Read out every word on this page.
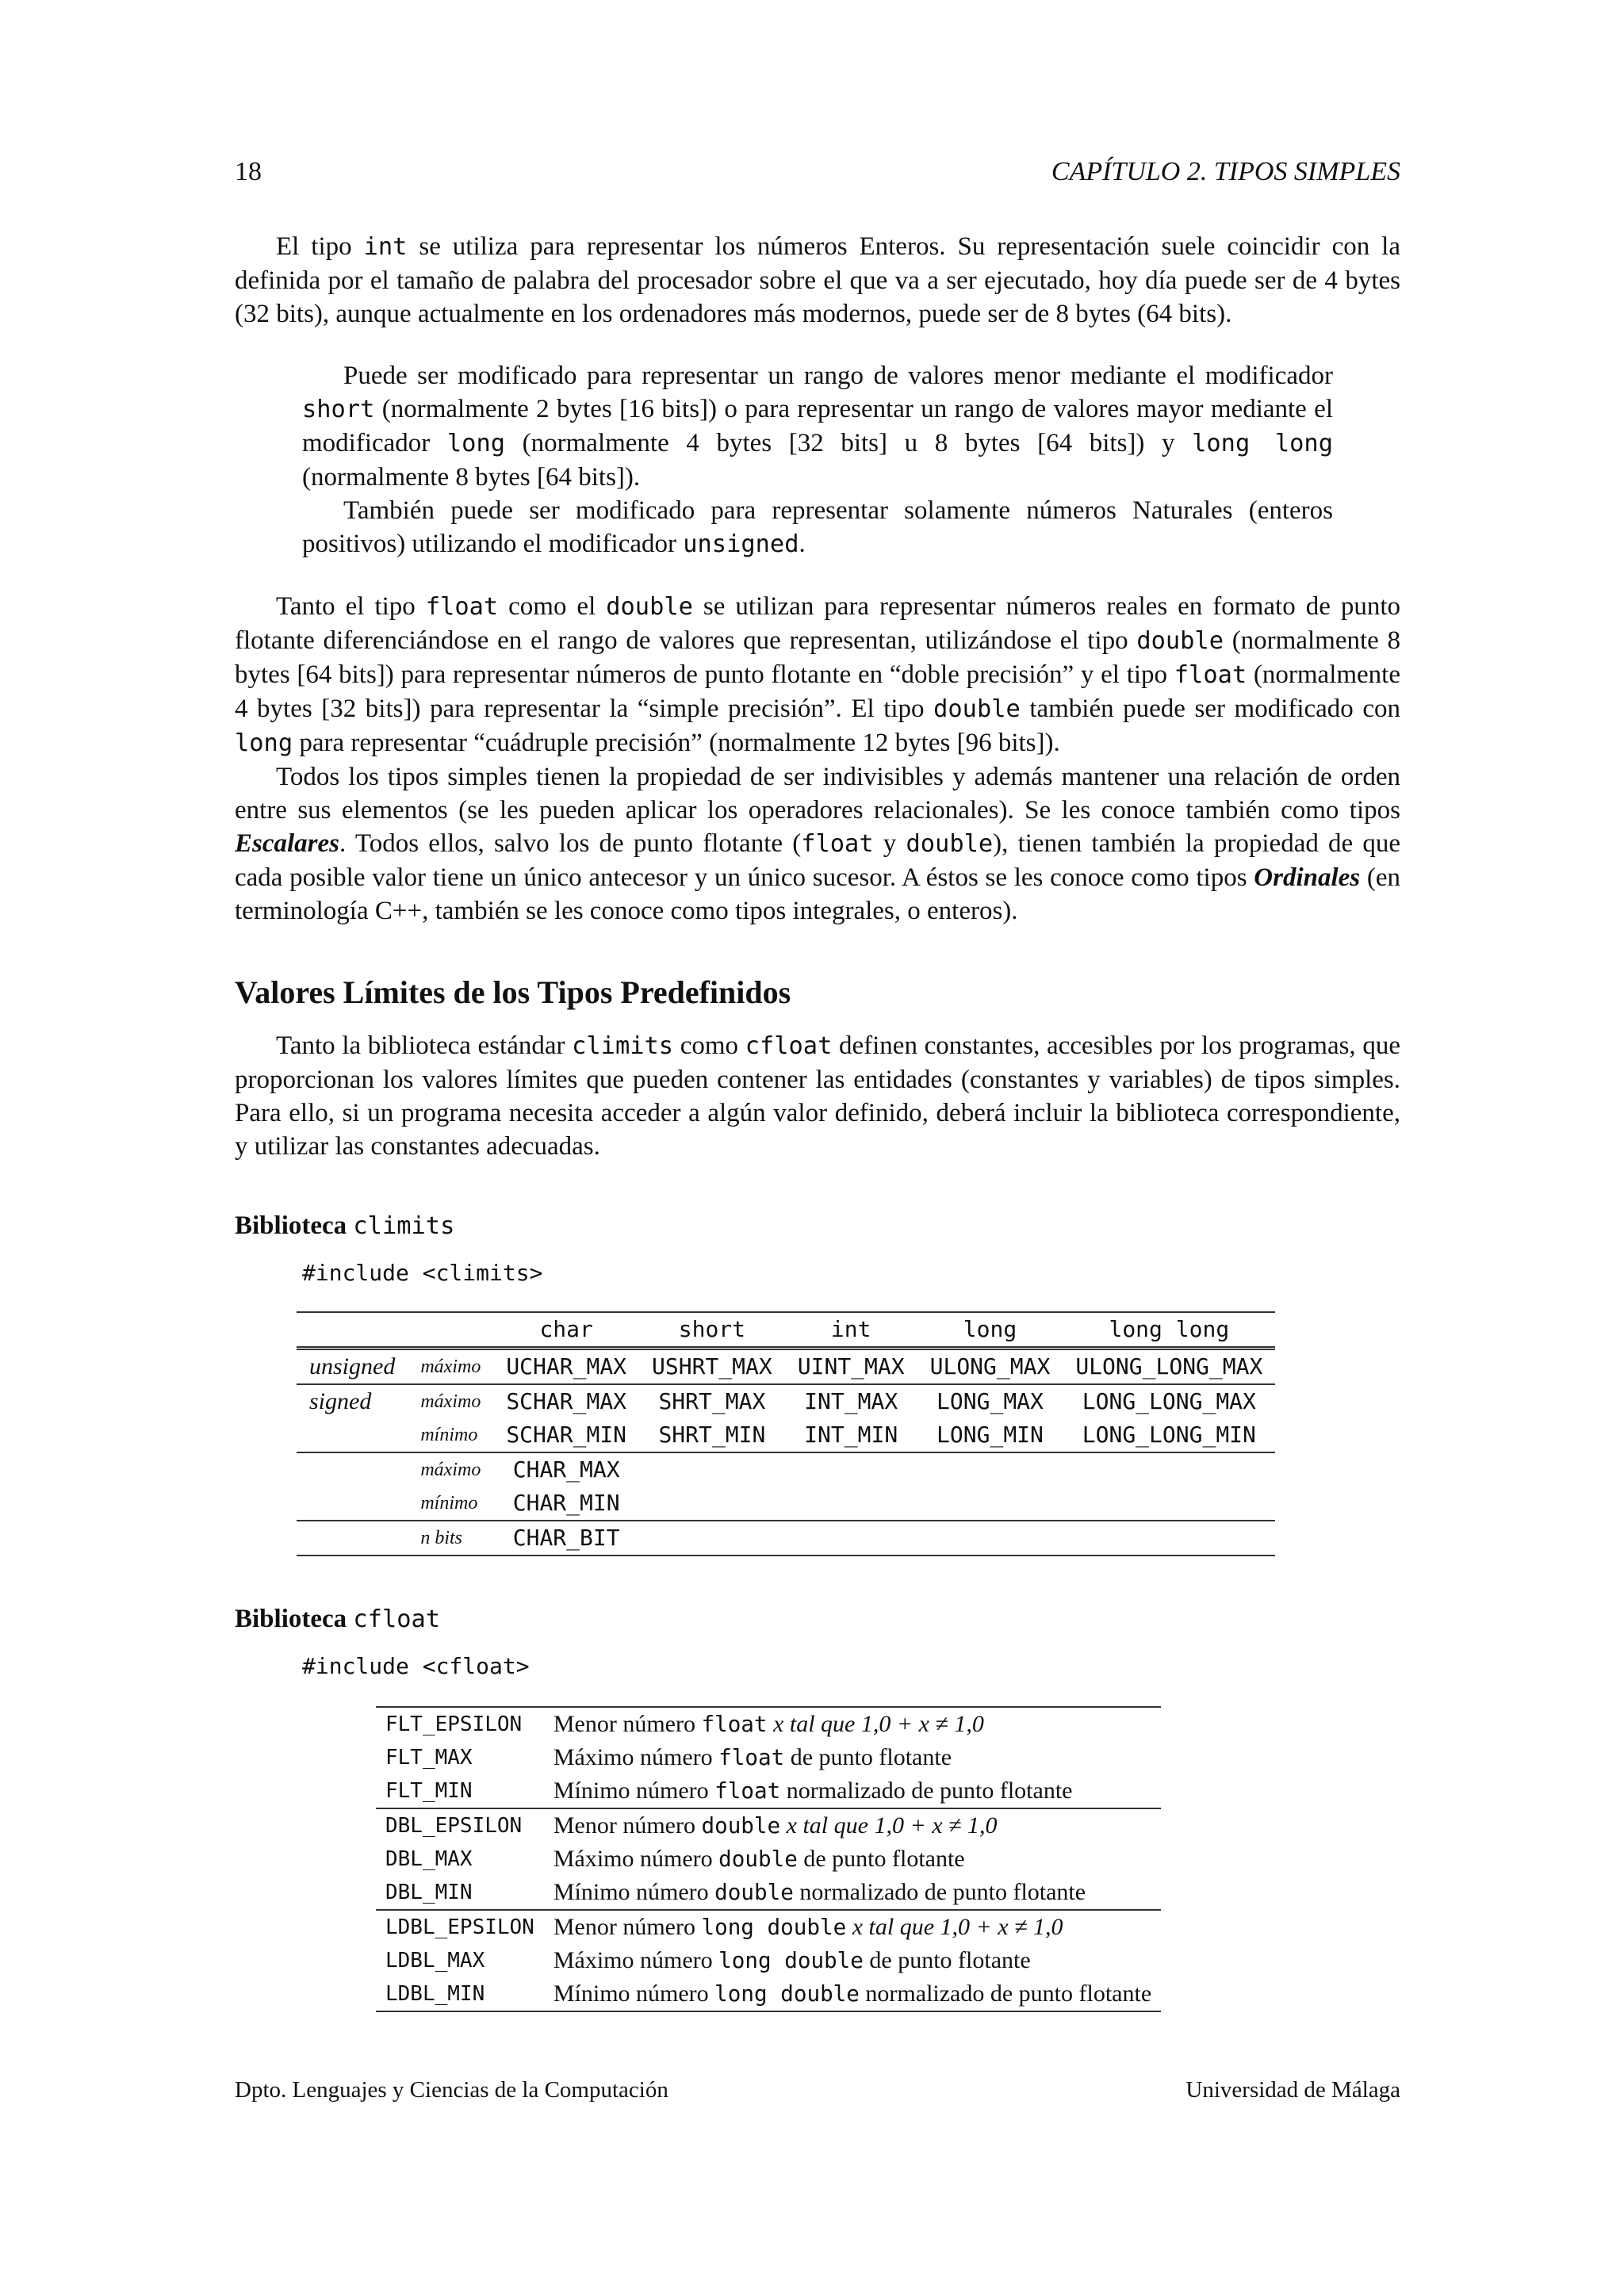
18	CAPÍTULO 2. TIPOS SIMPLES

El tipo int se utiliza para representar los números Enteros. Su representación suele coincidir con la definida por el tamaño de palabra del procesador sobre el que va a ser ejecutado, hoy día puede ser de 4 bytes (32 bits), aunque actualmente en los ordenadores más modernos, puede ser de 8 bytes (64 bits).

Puede ser modificado para representar un rango de valores menor mediante el modificador short (normalmente 2 bytes [16 bits]) o para representar un rango de valores mayor mediante el modificador long (normalmente 4 bytes [32 bits] u 8 bytes [64 bits]) y long long (normalmente 8 bytes [64 bits]).

También puede ser modificado para representar solamente números Naturales (enteros positivos) utilizando el modificador unsigned.

Tanto el tipo float como el double se utilizan para representar números reales en formato de punto flotante diferenciándose en el rango de valores que representan, utilizándose el tipo double (normalmente 8 bytes [64 bits]) para representar números de punto flotante en “doble precisión” y el tipo float (normalmente 4 bytes [32 bits]) para representar la “simple precisión”. El tipo double también puede ser modificado con long para representar “cuádruple precisión” (normalmente 12 bytes [96 bits]).

Todos los tipos simples tienen la propiedad de ser indivisibles y además mantener una relación de orden entre sus elementos (se les pueden aplicar los operadores relacionales). Se les conoce también como tipos Escalares. Todos ellos, salvo los de punto flotante (float y double), tienen también la propiedad de que cada posible valor tiene un único antecesor y un único sucesor. A éstos se les conoce como tipos Ordinales (en terminología C++, también se les conoce como tipos integrales, o enteros).

Valores Límites de los Tipos Predefinidos

Tanto la biblioteca estándar climits como cfloat definen constantes, accesibles por los programas, que proporcionan los valores límites que pueden contener las entidades (constantes y variables) de tipos simples. Para ello, si un programa necesita acceder a algún valor definido, deberá incluir la biblioteca correspondiente, y utilizar las constantes adecuadas.

Biblioteca climits
#include <climits>
		char	short	int	long	long long
unsigned	máximo	UCHAR_MAX	USHRT_MAX	UINT_MAX	ULONG_MAX	ULONG_LONG_MAX
signed	máximo	SCHAR_MAX	SHRT_MAX	INT_MAX	LONG_MAX	LONG_LONG_MAX
	mínimo	SCHAR_MIN	SHRT_MIN	INT_MIN	LONG_MIN	LONG_LONG_MIN
	máximo	CHAR_MAX				
	mínimo	CHAR_MIN				
	n bits	CHAR_BIT				
Biblioteca cfloat
#include <cfloat>
FLT_EPSILON	Menor número float x tal que 1,0 + x ≠ 1,0
FLT_MAX	Máximo número float de punto flotante
FLT_MIN	Mínimo número float normalizado de punto flotante
DBL_EPSILON	Menor número double x tal que 1,0 + x ≠ 1,0
DBL_MAX	Máximo número double de punto flotante
DBL_MIN	Mínimo número double normalizado de punto flotante
LDBL_EPSILON	Menor número long double x tal que 1,0 + x ≠ 1,0
LDBL_MAX	Máximo número long double de punto flotante
LDBL_MIN	Mínimo número long double normalizado de punto flotante
Dpto. Lenguajes y Ciencias de la Computación	Universidad de Málaga
